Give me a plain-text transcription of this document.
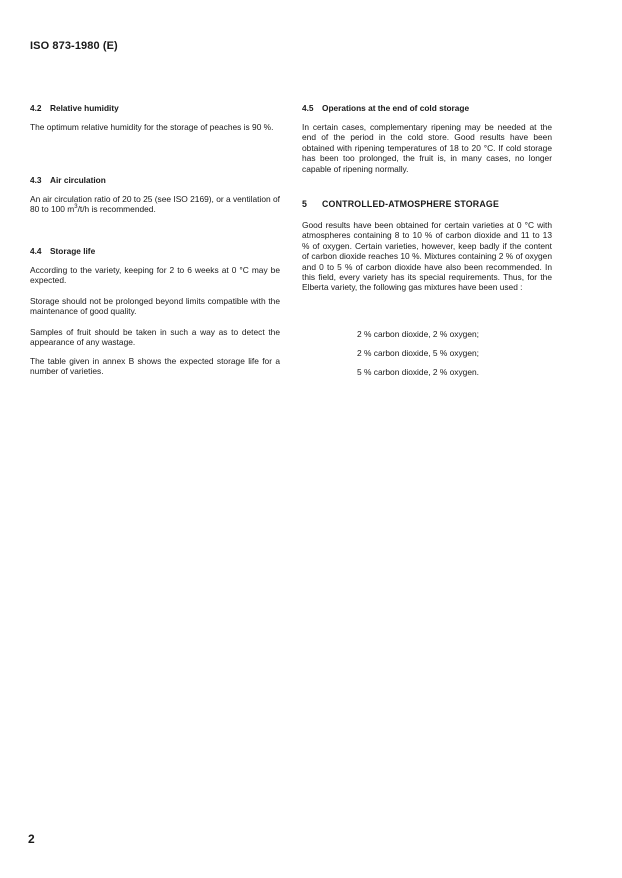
ISO 873-1980 (E)
4.2 Relative humidity
The optimum relative humidity for the storage of peaches is 90 %.
4.3 Air circulation
An air circulation ratio of 20 to 25 (see ISO 2169), or a ventilation of 80 to 100 $m^3/t/h$ is recommended.
4.4 Storage life
According to the variety, keeping for 2 to 6 weeks at 0 °C may be expected.
Storage should not be prolonged beyond limits compatible with the maintenance of good quality.
Samples of fruit should be taken in such a way as to detect the appearance of any wastage.
The table given in annex B shows the expected storage life for a number of varieties.
4.5 Operations at the end of cold storage
In certain cases, complementary ripening may be needed at the end of the period in the cold store. Good results have been obtained with ripening temperatures of 18 to 20 °C. If cold storage has been too prolonged, the fruit is, in many cases, no longer capable of ripening normally.
5 CONTROLLED-ATMOSPHERE STORAGE
Good results have been obtained for certain varieties at 0 °C with atmospheres containing 8 to 10 % of carbon dioxide and 11 to 13 % of oxygen. Certain varieties, however, keep badly if the content of carbon dioxide reaches 10 %. Mixtures containing 2 % of oxygen and 0 to 5 % of carbon dioxide have also been recommended. In this field, every variety has its special requirements. Thus, for the Elberta variety, the following gas mixtures have been used :
2 % carbon dioxide, 2 % oxygen;
2 % carbon dioxide, 5 % oxygen;
5 % carbon dioxide, 2 % oxygen.
2
